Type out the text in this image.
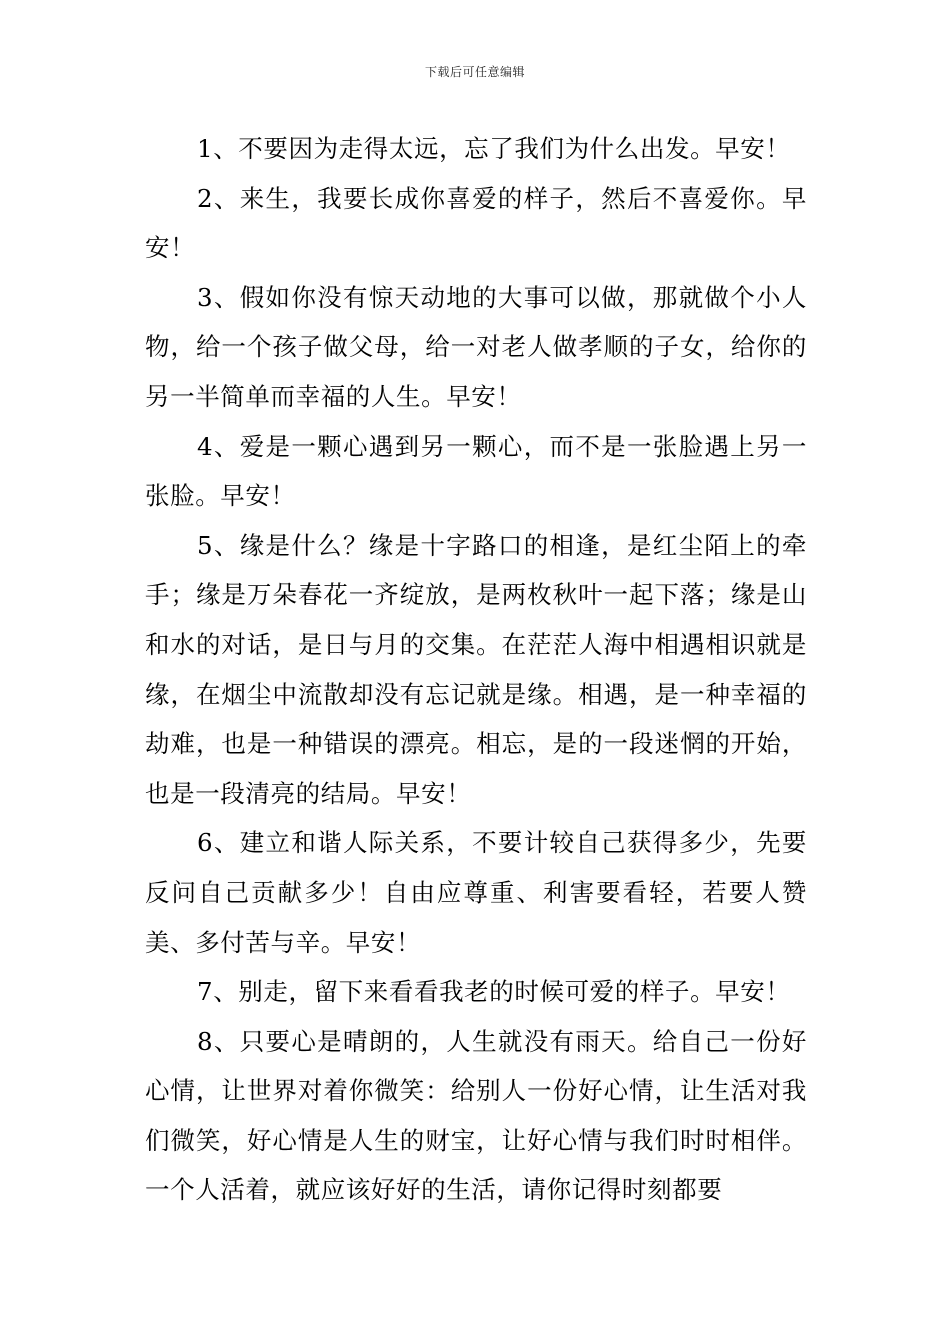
下载后可任意编辑

1、不要因为走得太远，忘了我们为什么出发。早安！

2、来生，我要长成你喜爱的样子，然后不喜爱你。早安！

3、假如你没有惊天动地的大事可以做，那就做个小人物，给一个孩子做父母，给一对老人做孝顺的子女，给你的另一半简单而幸福的人生。早安！

4、爱是一颗心遇到另一颗心，而不是一张脸遇上另一张脸。早安！

5、缘是什么？缘是十字路口的相逢，是红尘陌上的牵手；缘是万朵春花一齐绽放，是两枚秋叶一起下落；缘是山和水的对话，是日与月的交集。在茫茫人海中相遇相识就是缘，在烟尘中流散却没有忘记就是缘。相遇，是一种幸福的劫难，也是一种错误的漂亮。相忘，是的一段迷惘的开始，也是一段清亮的结局。早安！

6、建立和谐人际关系，不要计较自己获得多少，先要反问自己贡献多少！自由应尊重、利害要看轻，若要人赞美、多付苦与辛。早安！

7、别走，留下来看看我老的时候可爱的样子。早安！

8、只要心是晴朗的，人生就没有雨天。给自己一份好心情，让世界对着你微笑：给别人一份好心情，让生活对我们微笑，好心情是人生的财宝，让好心情与我们时时相伴。一个人活着，就应该好好的生活，请你记得时刻都要
